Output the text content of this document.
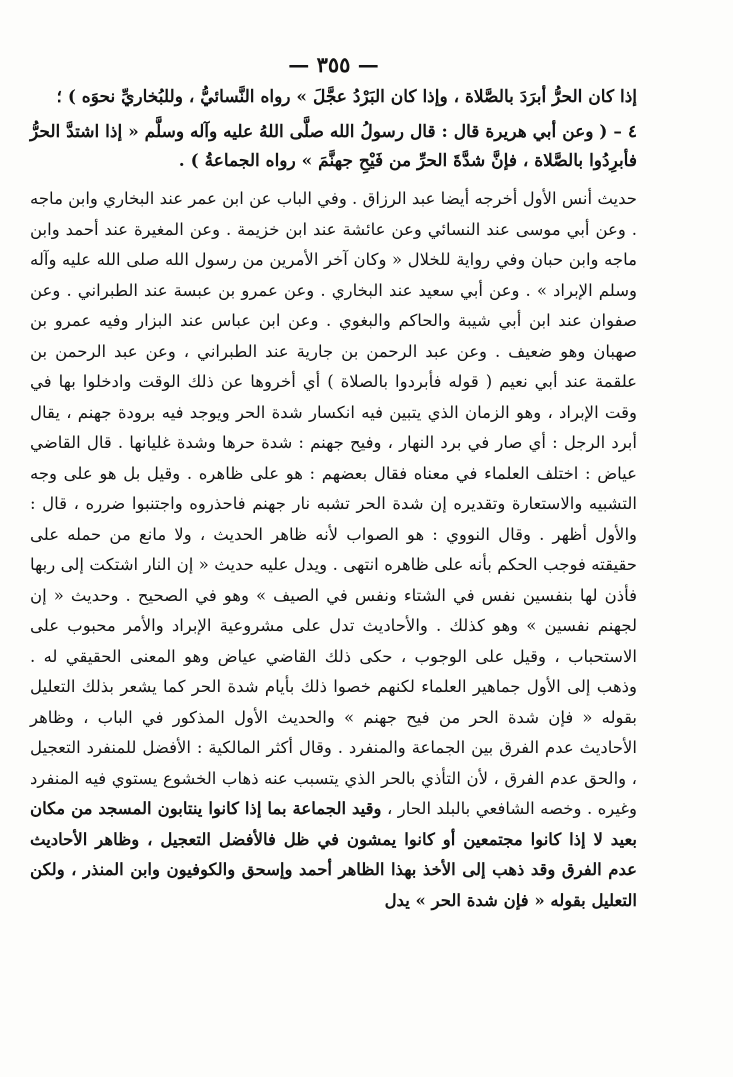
— ٣٥٥ —

إذا كان الحرُّ أبرَدَ بالصَّلاة ، وإذا كان البَرْدُ عجَّلَ » رواه النَّسائيُّ ، وللبُخاريِّ نحوَه ) ؛

٤ – ( وعن أبي هريرة قال : قال رسولُ الله صلَّى اللهُ عليه وآله وسلَّم « إذا اشتدَّ الحرُّ فأبرِدُوا بالصَّلاة ، فإنَّ شدَّةَ الحرِّ من فَيْحِ جهنَّمَ » رواه الجماعةُ ) .

حديث أنس الأول أخرجه أيضا عبد الرزاق . وفي الباب عن ابن عمر عند البخاري وابن ماجه . وعن أبي موسى عند النسائي وعن عائشة عند ابن خزيمة . وعن المغيرة عند أحمد وابن ماجه وابن حبان وفي رواية للخلال « وكان آخر الأمرين من رسول الله صلى الله عليه وآله وسلم الإبراد » . وعن أبي سعيد عند البخاري . وعن عمرو بن عبسة عند الطبراني . وعن صفوان عند ابن أبي شيبة والحاكم والبغوي . وعن ابن عباس عند البزار وفيه عمرو بن صهبان وهو ضعيف . وعن عبد الرحمن بن جارية عند الطبراني ، وعن عبد الرحمن بن علقمة عند أبي نعيم ( قوله فأبردوا بالصلاة ) أي أخروها عن ذلك الوقت وادخلوا بها في وقت الإبراد ، وهو الزمان الذي يتبين فيه انكسار شدة الحر ويوجد فيه برودة جهنم ، يقال أبرد الرجل : أي صار في برد النهار ، وفيح جهنم : شدة حرها وشدة غليانها . قال القاضي عياض : اختلف العلماء في معناه فقال بعضهم : هو على ظاهره . وقيل بل هو على وجه التشبيه والاستعارة وتقديره إن شدة الحر تشبه نار جهنم فاحذروه واجتنبوا ضرره ، قال : والأول أظهر . وقال النووي : هو الصواب لأنه ظاهر الحديث ، ولا مانع من حمله على حقيقته فوجب الحكم بأنه على ظاهره انتهى . ويدل عليه حديث « إن النار اشتكت إلى ربها فأذن لها بنفسين نفس في الشتاء ونفس في الصيف » وهو في الصحيح . وحديث « إن لجهنم نفسين » وهو كذلك . والأحاديث تدل على مشروعية الإبراد والأمر محبوب على الاستحباب ، وقيل على الوجوب ، حكى ذلك القاضي عياض وهو المعنى الحقيقي له . وذهب إلى الأول جماهير العلماء لكنهم خصوا ذلك بأيام شدة الحر كما يشعر بذلك التعليل بقوله « فإن شدة الحر من فيح جهنم » والحديث الأول المذكور في الباب ، وظاهر الأحاديث عدم الفرق بين الجماعة والمنفرد . وقال أكثر المالكية : الأفضل للمنفرد التعجيل ، والحق عدم الفرق ، لأن التأذي بالحر الذي يتسبب عنه ذهاب الخشوع يستوي فيه المنفرد وغيره . وخصه الشافعي بالبلد الحار ، وقيد الجماعة بما إذا كانوا ينتابون المسجد من مكان بعيد لا إذا كانوا مجتمعين أو كانوا يمشون في ظل فالأفضل التعجيل ، وظاهر الأحاديث عدم الفرق وقد ذهب إلى الأخذ بهذا الظاهر أحمد وإسحق والكوفيون وابن المنذر ، ولكن التعليل بقوله « فإن شدة الحر » يدل
